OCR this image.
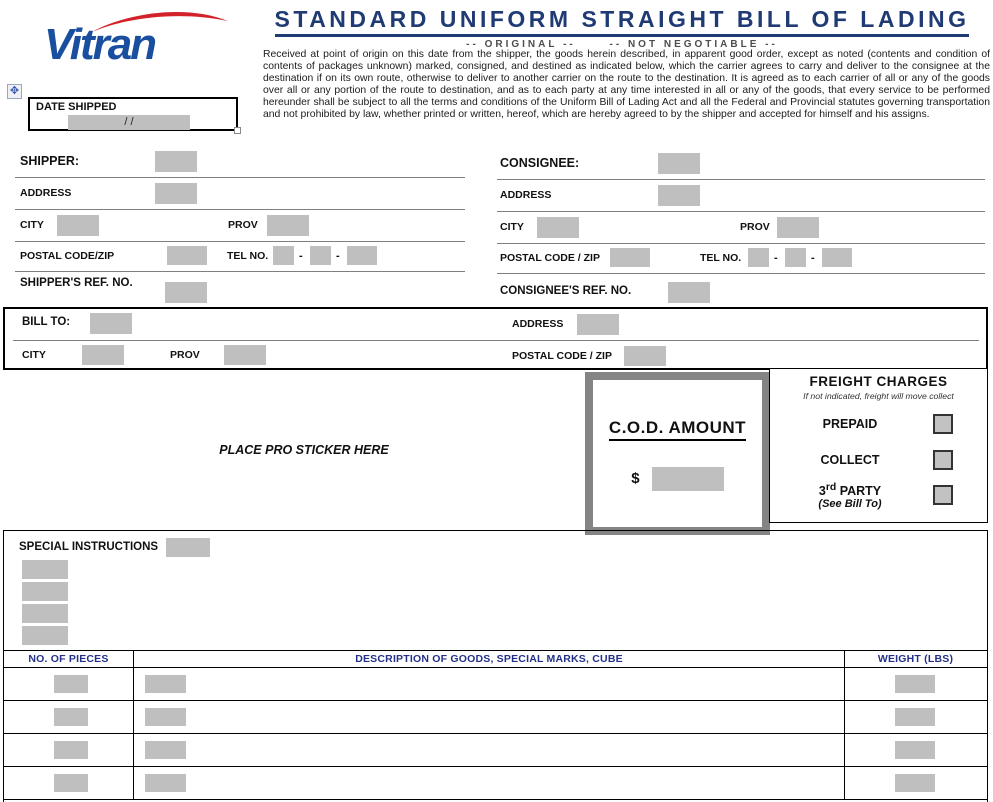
Vitran
STANDARD UNIFORM STRAIGHT BILL OF LADING
-- ORIGINAL --	-- NOT NEGOTIABLE --
Received at point of origin on this date from the shipper, the goods herein described, in apparent good order, except as noted (contents and condition of contents of packages unknown) marked, consigned, and destined as indicated below, which the carrier agrees to carry and deliver to the consignee at the destination if on its own route, otherwise to deliver to another carrier on the route to the destination. It is agreed as to each carrier of all or any of the goods over all or any portion of the route to destination, and as to each party at any time interested in all or any of the goods, that every service to be performed hereunder shall be subject to all the terms and conditions of the Uniform Bill of Lading Act and all the Federal and Provincial statutes governing transportation and not prohibited by law, whether printed or written, hereof, which are hereby agreed to by the shipper and accepted for himself and his assigns.
✥
DATE SHIPPED
/ /
SHIPPER:
ADDRESS
CITY	PROV
POSTAL CODE/ZIP	TEL NO.	-	-
SHIPPER'S REF. NO.
CONSIGNEE:
ADDRESS
CITY	PROV
POSTAL CODE / ZIP	TEL NO.	-	-
CONSIGNEE'S REF. NO.
BILL TO:	ADDRESS
CITY	PROV	POSTAL CODE / ZIP
PLACE PRO STICKER HERE
C.O.D. AMOUNT
$
FREIGHT CHARGES
If not indicated, freight will move collect
PREPAID
COLLECT
3rd PARTY
(See Bill To)
SPECIAL INSTRUCTIONS
NO. OF PIECES	DESCRIPTION OF GOODS, SPECIAL MARKS, CUBE	WEIGHT (LBS)
